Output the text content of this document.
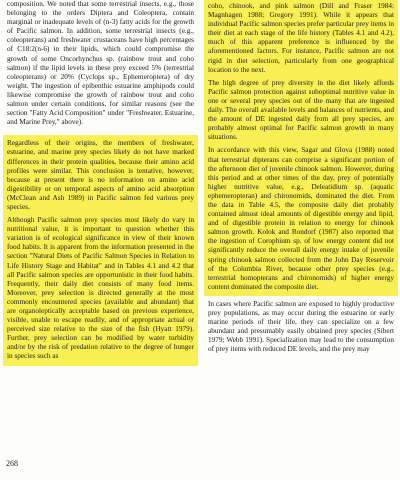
composition. We noted that some terrestrial insects, e.g., those belonging to the orders Diptera and Coleoptera, contain marginal or inadequate levels of (n-3) fatty acids for the growth of Pacific salmon. In addition, some terrestrial insects (e.g., coleopterans) and freshwater crustaceans have high percentages of C18:2(n-6) in their lipids, which could compromise the growth of some Oncorhynchus sp. (rainbow trout and coho salmon) if the lipid levels in these prey exceed 5% (terrestrial coleopterans) or 20% (Cyclops sp., Ephemeroptera) of dry weight. The ingestion of epibenthic estuarine amphipods could likewise compromise the growth of rainbow trout and coho salmon under certain conditions, for similar reasons (see the section "Fatty Acid Composition" under "Freshwater, Estuarine, and Marine Prey," above).

Regardless of their origins, the members of freshwater, estuarine, and marine prey species likely do not have marked differences in their protein qualities, because their amino acid profiles were similar. This conclusion is tentative, however, because at present there is no information on amino acid digestibility or on temporal aspects of amino acid absorption (McClean and Ash 1989) in Pacific salmon fed various prey species.

Although Pacific salmon prey species most likely do vary in nutritional value, it is important to question whether this variation is of ecological significance in view of their known food habits. It is apparent from the information presented in the section "Natural Diets of Pacific Salmon Species in Relation to Life History Stage and Habitat" and in Tables 4.1 and 4.2 that all Pacific salmon species are opportunistic in their food habits. Frequently, their daily diet consists of many food items. Moreover, prey selection is directed generally at the most commonly encountered species (available and abundant) that are organoleptically acceptable based on previous experience, visible, unable to escape readily, and of appropriate actual or perceived size relative to the size of the fish (Hyatt 1979). Further, prey selection can be modified by water turbidity and/or by the risk of predation relative to the degree of hunger in species such as

coho, chinook, and pink salmon (Dill and Fraser 1984; Magnhagen 1988; Gregory 1991). While it appears that individual Pacific salmon species prefer particular prey items in their diet at each stage of the life history (Tables 4.1 and 4.2), much of this apparent preference is influenced by the aforementioned factors. For instance, Pacific salmon are not rigid in diet selection, particularly from one geographical location to the next.

The high degree of prey diversity in the diet likely affords Pacific salmon protection against suboptimal nutritive value in one or several prey species out of the many that are ingested daily. The overall available levels and balances of nutrients, and the amount of DE ingested daily from all prey species, are probably almost optimal for Pacific salmon growth in many situations.

In accordance with this view, Sagar and Glova (1988) noted that terrestrial dipterans can comprise a significant portion of the afternoon diet of juvenile chinook salmon. However, during this period and at other times of the day, prey of potentially higher nutritive value, e.g., Deleatidium sp. (aquatic ephemeropteran) and chironomids, dominated the diet. From the data in Table 4.5, the composite daily diet probably contained almost ideal amounts of digestible energy and lipid, and of digestible protein in relation to energy for chinook salmon growth. Kolok and Rondorf (1987) also reported that the ingestion of Corophium sp. of low energy content did not significantly reduce the overall daily energy intake of juvenile spring chinook salmon collected from the John Day Reservoir of the Columbia River, because other prey species (e.g., terrestrial homopterans and chironomids) of higher energy content dominated the composite diet.

In cases where Pacific salmon are exposed to highly productive prey populations, as may occur during the estuarine or early marine periods of their life, they can specialize on a few abundant and presumably easily obtained prey species (Sibert 1979; Webb 1991). Specialization may lead to the consumption of prey items with reduced DE levels, and the prey may

268
